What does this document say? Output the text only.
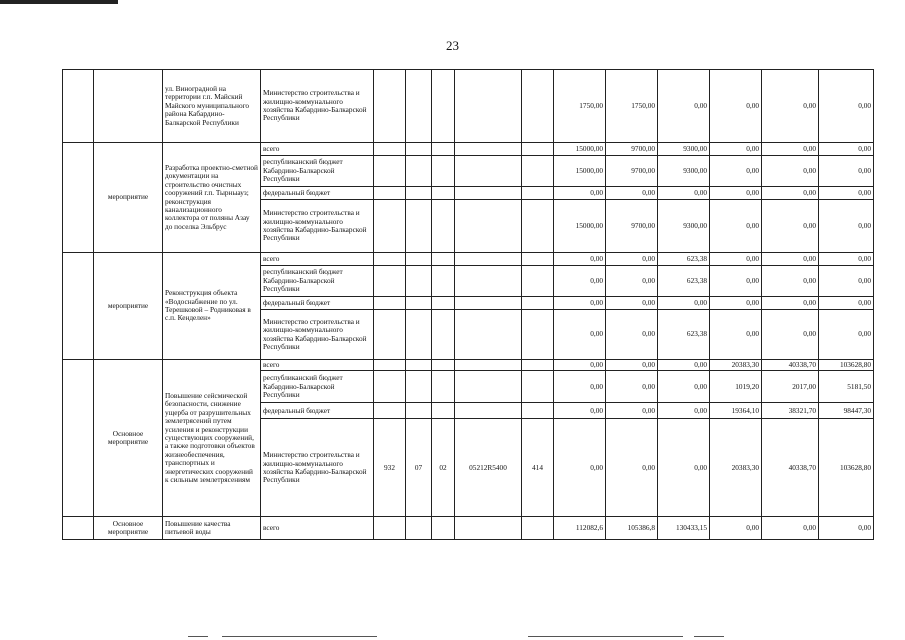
23
		ул. Виноградной на территории г.п. Майский Майского муниципального района Кабардино-Балкарской Республики	Министерство строительства и жилищно-коммунального хозяйства Кабардино-Балкарской Республики						1750,00	1750,00	0,00	0,00	0,00	0,00
	мероприятие	Разработка проектно-сметной документации на строительство очистных сооружений г.п. Тырныауз; реконструкция канализационного коллектора от поляны Азау до поселка Эльбрус	всего						15000,00	9700,00	9300,00	0,00	0,00	0,00
			республиканский бюджет Кабардино-Балкарской Республики						15000,00	9700,00	9300,00	0,00	0,00	0,00
			федеральный бюджет						0,00	0,00	0,00	0,00	0,00	0,00
			Министерство строительства и жилищно-коммунального хозяйства Кабардино-Балкарской Республики						15000,00	9700,00	9300,00	0,00	0,00	0,00
	мероприятие	Реконструкция объекта «Водоснабжение по ул. Терешковой – Родниковая в с.п. Кенделен»	всего						0,00	0,00	623,38	0,00	0,00	0,00
			республиканский бюджет Кабардино-Балкарской Республики						0,00	0,00	623,38	0,00	0,00	0,00
			федеральный бюджет						0,00	0,00	0,00	0,00	0,00	0,00
			Министерство строительства и жилищно-коммунального хозяйства Кабардино-Балкарской Республики						0,00	0,00	623,38	0,00	0,00	0,00
	Основное мероприятие	Повышение сейсмической безопасности, снижение ущерба от разрушительных землетрясений путем усиления и реконструкции существующих сооружений, а также подготовки объектов жизнеобеспечения, транспортных и энергетических сооружений к сильным землетрясениям	всего						0,00	0,00	0,00	20383,30	40338,70	103628,80
			республиканский бюджет Кабардино-Балкарской Республики						0,00	0,00	0,00	1019,20	2017,00	5181,50
			федеральный бюджет						0,00	0,00	0,00	19364,10	38321,70	98447,30
			Министерство строительства и жилищно-коммунального хозяйства Кабардино-Балкарской Республики	932	07	02	05212R5400	414	0,00	0,00	0,00	20383,30	40338,70	103628,80
	Основное мероприятие	Повышение качества питьевой воды	всего						112082,6	105386,8	130433,15	0,00	0,00	0,00
